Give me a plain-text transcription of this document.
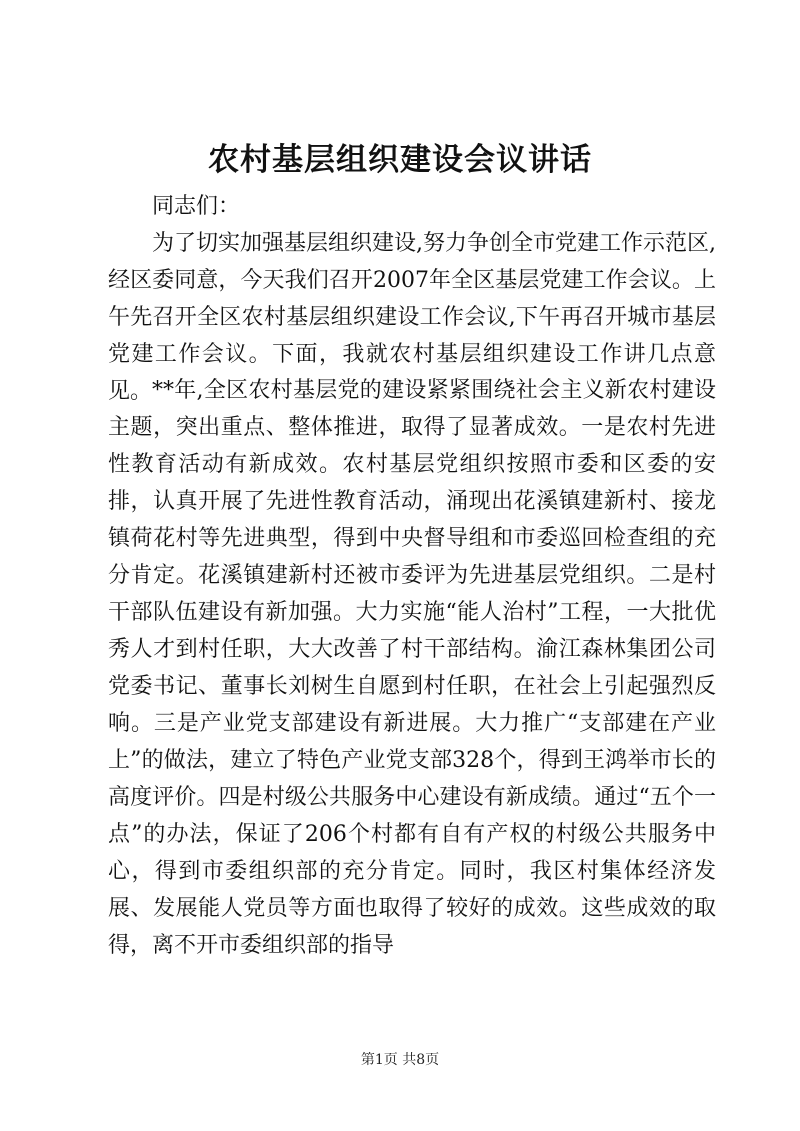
农村基层组织建设会议讲话
同志们：

为了切实加强基层组织建设,努力争创全市党建工作示范区,经区委同意，今天我们召开2007年全区基层党建工作会议。上午先召开全区农村基层组织建设工作会议,下午再召开城市基层党建工作会议。下面，我就农村基层组织建设工作讲几点意见。 **年,全区农村基层党的建设紧紧围绕社会主义新农村建设主题，突出重点、整体推进，取得了显著成效。一是农村先进性教育活动有新成效。农村基层党组织按照市委和区委的安排，认真开展了先进性教育活动，涌现出花溪镇建新村、接龙镇荷花村等先进典型，得到中央督导组和市委巡回检查组的充分肯定。花溪镇建新村还被市委评为先进基层党组织。二是村干部队伍建设有新加强。大力实施“能人治村”工程，一大批优秀人才到村任职，大大改善了村干部结构。渝江森林集团公司党委书记、董事长刘树生自愿到村任职，在社会上引起强烈反响。三是产业党支部建设有新进展。大力推广“支部建在产业上”的做法，建立了特色产业党支部328个，得到王鸿举市长的高度评价。四是村级公共服务中心建设有新成绩。通过“五个一点”的办法，保证了206个村都有自有产权的村级公共服务中心，得到市委组织部的充分肯定。同时，我区村集体经济发展、发展能人党员等方面也取得了较好的成效。这些成效的取得，离不开市委组织部的指导

第1页 共8页
